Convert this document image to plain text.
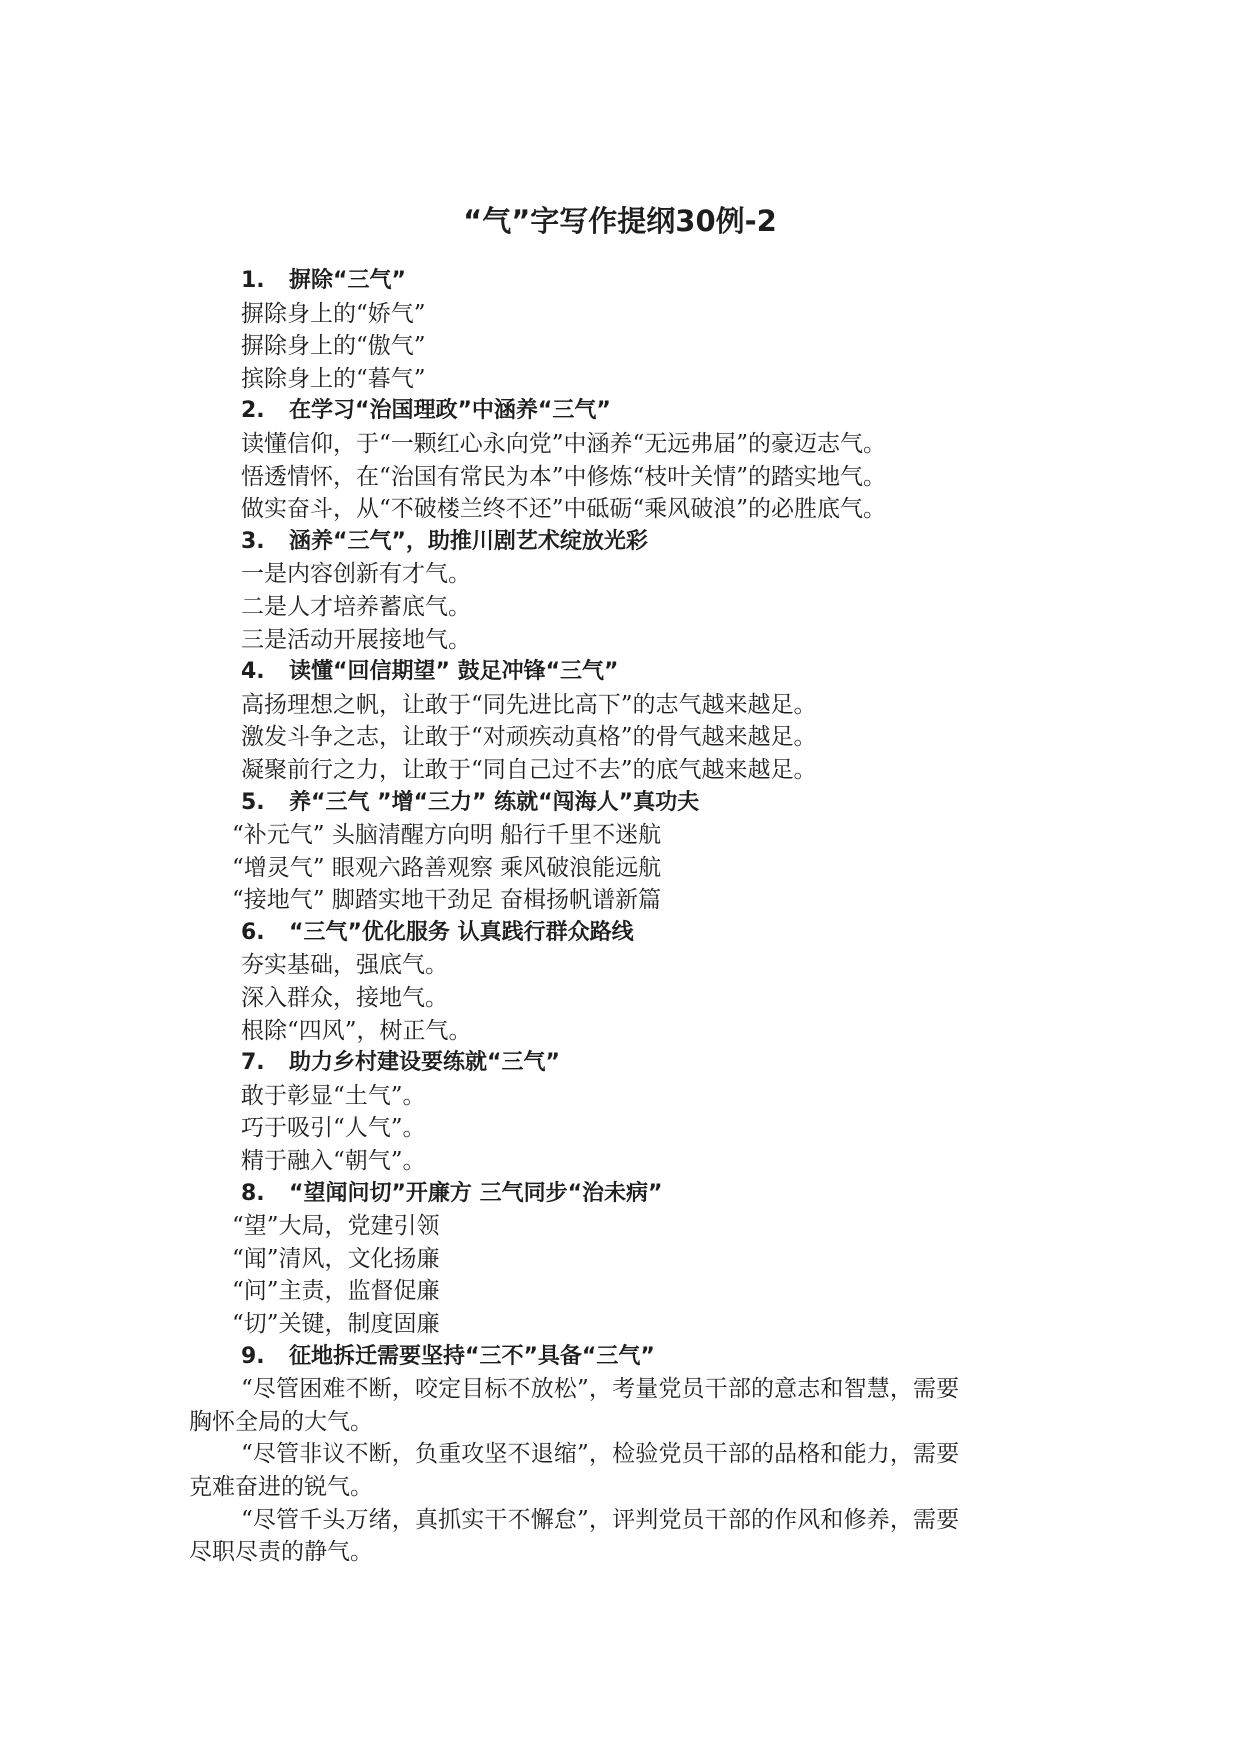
“气”字写作提纲30例-2
1. 摒除“三气”
摒除身上的“娇气”
摒除身上的“傲气”
摈除身上的“暮气”
2. 在学习“治国理政”中涵养“三气”
读懂信仰，于“一颗红心永向党”中涵养“无远弗届”的豪迈志气。
悟透情怀，在“治国有常民为本”中修炼“枝叶关情”的踏实地气。
做实奋斗，从“不破楼兰终不还”中砥砺“乘风破浪”的必胜底气。
3. 涵养“三气”，助推川剧艺术绽放光彩
一是内容创新有才气。
二是人才培养蓄底气。
三是活动开展接地气。
4. 读懂“回信期望” 鼓足冲锋“三气”
高扬理想之帆，让敢于“同先进比高下”的志气越来越足。
激发斗争之志，让敢于“对顽疾动真格”的骨气越来越足。
凝聚前行之力，让敢于“同自己过不去”的底气越来越足。
5. 养“三气 ”增“三力” 练就“闯海人”真功夫
“补元气” 头脑清醒方向明 船行千里不迷航
“增灵气” 眼观六路善观察 乘风破浪能远航
“接地气” 脚踏实地干劲足 奋楫扬帆谱新篇
6. “三气”优化服务 认真践行群众路线
夯实基础，强底气。
深入群众，接地气。
根除“四风”，树正气。
7. 助力乡村建设要练就“三气”
敢于彰显“土气”。
巧于吸引“人气”。
精于融入“朝气”。
8. “望闻问切”开廉方 三气同步“治未病”
“望”大局，党建引领
“闻”清风，文化扬廉
“问”主责，监督促廉
“切”关键，制度固廉
9. 征地拆迁需要坚持“三不”具备“三气”
“尽管困难不断，咬定目标不放松”，考量党员干部的意志和智慧，需要
胸怀全局的大气。
“尽管非议不断，负重攻坚不退缩”，检验党员干部的品格和能力，需要
克难奋进的锐气。
“尽管千头万绪，真抓实干不懈怠”，评判党员干部的作风和修养，需要
尽职尽责的静气。
